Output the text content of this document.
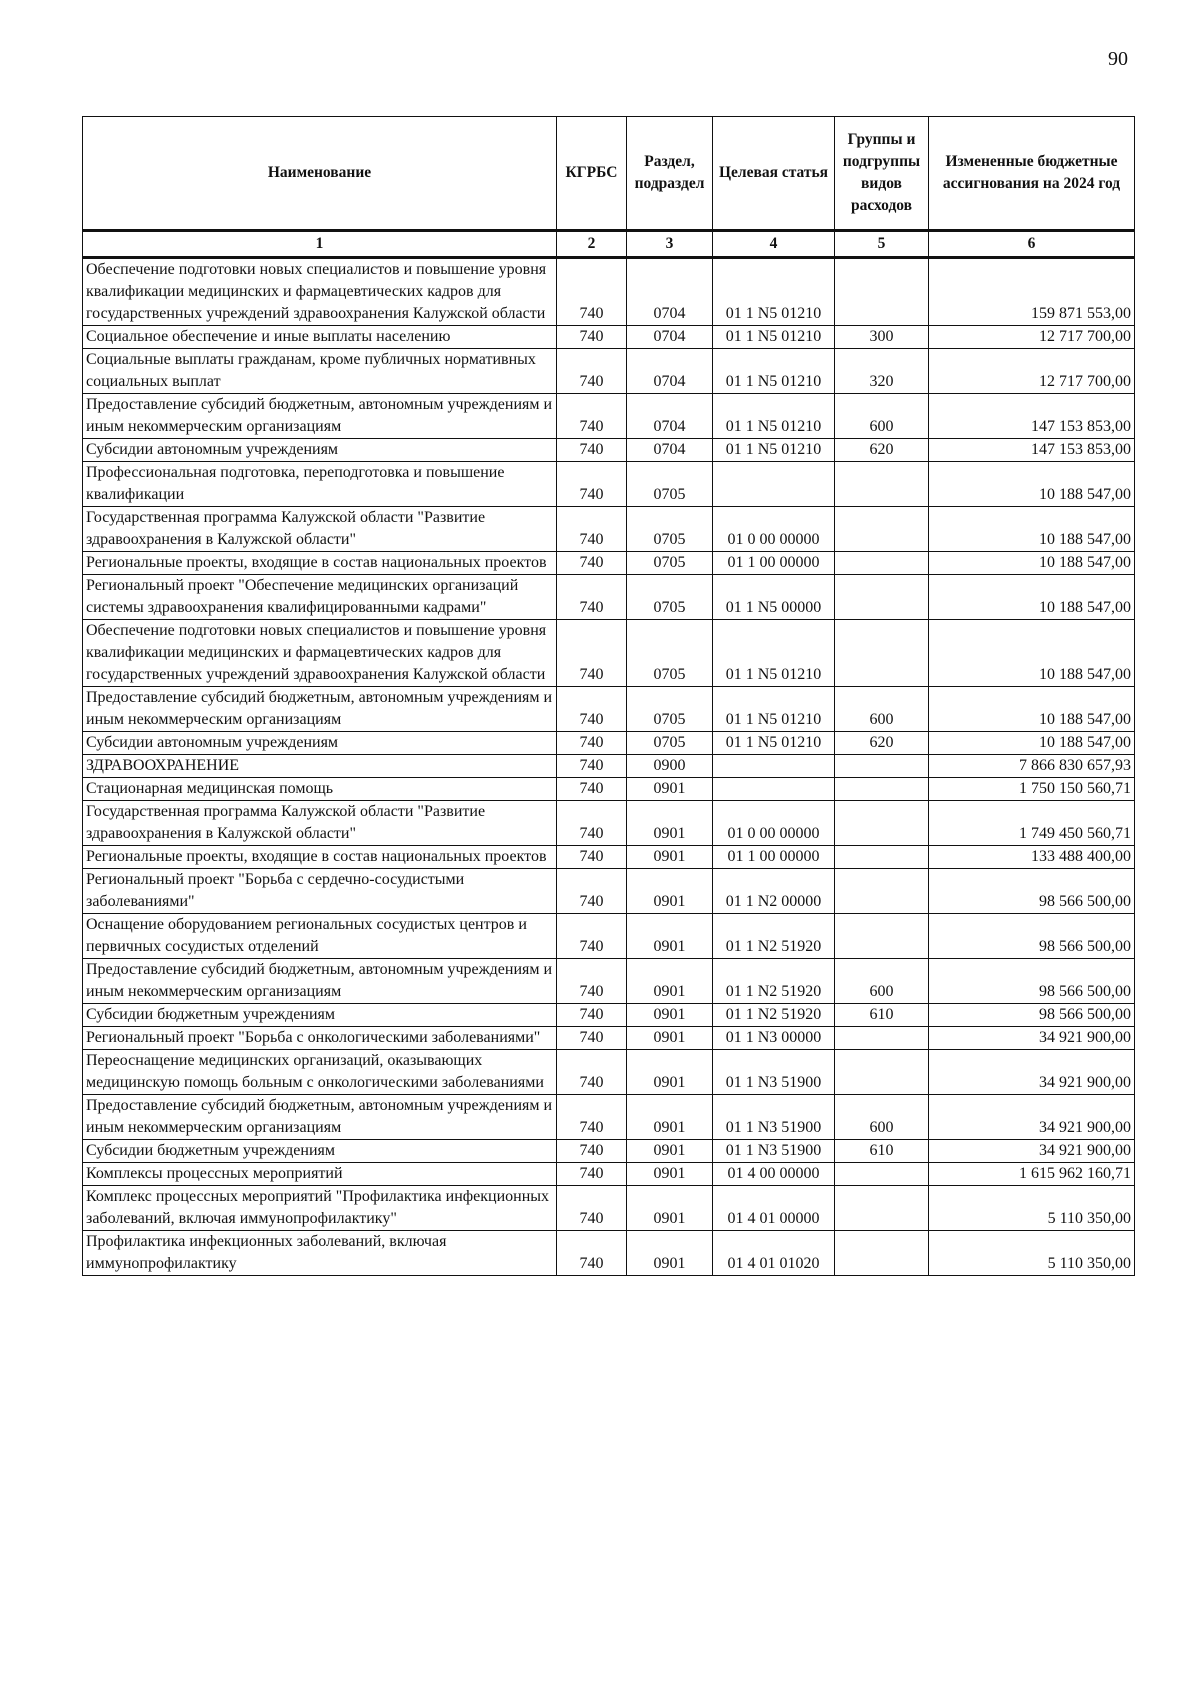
90
Наименование	КГРБС	Раздел, подраздел	Целевая статья	Группы и подгруппы видов расходов	Измененные бюджетные ассигнования на 2024 год
1	2	3	4	5	6
Обеспечение подготовки новых специалистов и повышение уровня квалификации медицинских и фармацевтических кадров для государственных учреждений здравоохранения Калужской области	740	0704	01 1 N5 01210		159 871 553,00
Социальное обеспечение и иные выплаты населению	740	0704	01 1 N5 01210	300	12 717 700,00
Социальные выплаты гражданам, кроме публичных нормативных социальных выплат	740	0704	01 1 N5 01210	320	12 717 700,00
Предоставление субсидий бюджетным, автономным учреждениям и иным некоммерческим организациям	740	0704	01 1 N5 01210	600	147 153 853,00
Субсидии автономным учреждениям	740	0704	01 1 N5 01210	620	147 153 853,00
Профессиональная подготовка, переподготовка и повышение квалификации	740	0705			10 188 547,00
Государственная программа Калужской области "Развитие здравоохранения в Калужской области"	740	0705	01 0 00 00000		10 188 547,00
Региональные проекты, входящие в состав национальных проектов	740	0705	01 1 00 00000		10 188 547,00
Региональный проект "Обеспечение медицинских организаций системы здравоохранения квалифицированными кадрами"	740	0705	01 1 N5 00000		10 188 547,00
Обеспечение подготовки новых специалистов и повышение уровня квалификации медицинских и фармацевтических кадров для государственных учреждений здравоохранения Калужской области	740	0705	01 1 N5 01210		10 188 547,00
Предоставление субсидий бюджетным, автономным учреждениям и иным некоммерческим организациям	740	0705	01 1 N5 01210	600	10 188 547,00
Субсидии автономным учреждениям	740	0705	01 1 N5 01210	620	10 188 547,00
ЗДРАВООХРАНЕНИЕ	740	0900			7 866 830 657,93
Стационарная медицинская помощь	740	0901			1 750 150 560,71
Государственная программа Калужской области "Развитие здравоохранения в Калужской области"	740	0901	01 0 00 00000		1 749 450 560,71
Региональные проекты, входящие в состав национальных проектов	740	0901	01 1 00 00000		133 488 400,00
Региональный проект "Борьба с сердечно-сосудистыми заболеваниями"	740	0901	01 1 N2 00000		98 566 500,00
Оснащение оборудованием региональных сосудистых центров и первичных сосудистых отделений	740	0901	01 1 N2 51920		98 566 500,00
Предоставление субсидий бюджетным, автономным учреждениям и иным некоммерческим организациям	740	0901	01 1 N2 51920	600	98 566 500,00
Субсидии бюджетным учреждениям	740	0901	01 1 N2 51920	610	98 566 500,00
Региональный проект "Борьба с онкологическими заболеваниями"	740	0901	01 1 N3 00000		34 921 900,00
Переоснащение медицинских организаций, оказывающих медицинскую помощь больным с онкологическими заболеваниями	740	0901	01 1 N3 51900		34 921 900,00
Предоставление субсидий бюджетным, автономным учреждениям и иным некоммерческим организациям	740	0901	01 1 N3 51900	600	34 921 900,00
Субсидии бюджетным учреждениям	740	0901	01 1 N3 51900	610	34 921 900,00
Комплексы процессных мероприятий	740	0901	01 4 00 00000		1 615 962 160,71
Комплекс процессных мероприятий "Профилактика инфекционных заболеваний, включая иммунопрофилактику"	740	0901	01 4 01 00000		5 110 350,00
Профилактика инфекционных заболеваний, включая иммунопрофилактику	740	0901	01 4 01 01020		5 110 350,00
